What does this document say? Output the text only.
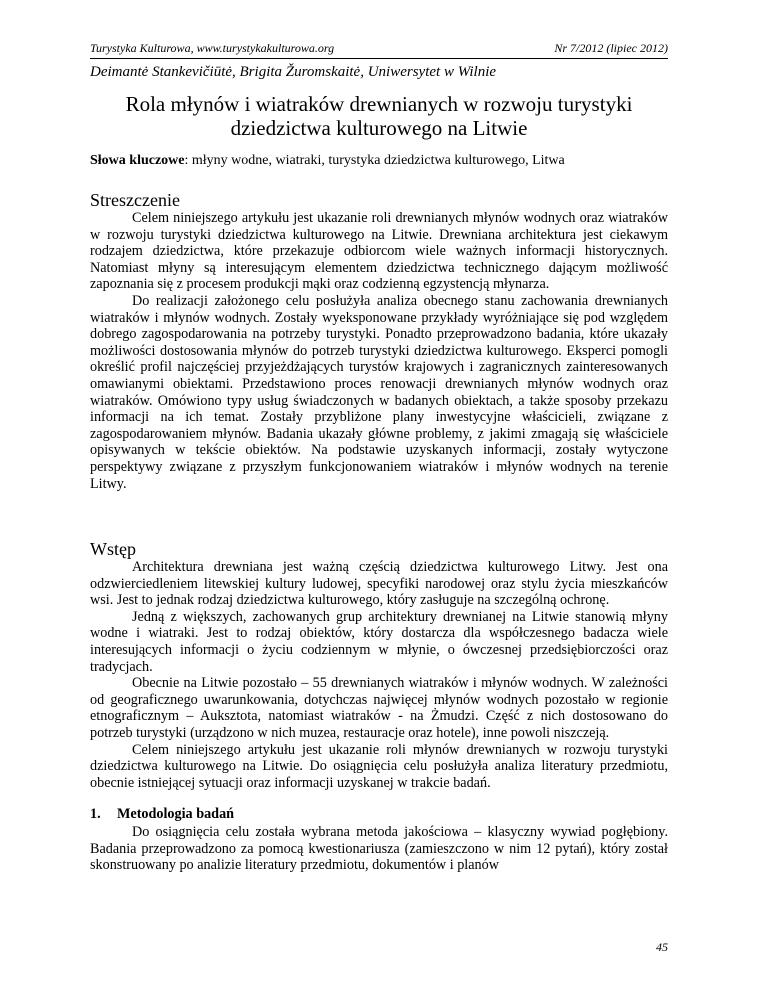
Turystyka Kulturowa, www.turystykakulturowa.org	Nr 7/2012 (lipiec 2012)
Deimantė Stankevičiūtė, Brigita Žuromskaitė, Uniwersytet w Wilnie
Rola młynów i wiatraków drewnianych w rozwoju turystyki
dziedzictwa kulturowego na Litwie
Słowa kluczowe: młyny wodne, wiatraki, turystyka dziedzictwa kulturowego, Litwa
Streszczenie

Celem niniejszego artykułu jest ukazanie roli drewnianych młynów wodnych oraz wiatraków w rozwoju turystyki dziedzictwa kulturowego na Litwie. Drewniana architektura jest ciekawym rodzajem dziedzictwa, które przekazuje odbiorcom wiele ważnych informacji historycznych. Natomiast młyny są interesującym elementem dziedzictwa technicznego dającym możliwość zapoznania się z procesem produkcji mąki oraz codzienną egzystencją młynarza.

Do realizacji założonego celu posłużyła analiza obecnego stanu zachowania drewnianych wiatraków i młynów wodnych. Zostały wyeksponowane przykłady wyróżniające się pod względem dobrego zagospodarowania na potrzeby turystyki. Ponadto przeprowadzono badania, które ukazały możliwości dostosowania młynów do potrzeb turystyki dziedzictwa kulturowego. Eksperci pomogli określić profil najczęściej przyjeżdżających turystów krajowych i zagranicznych zainteresowanych omawianymi obiektami. Przedstawiono proces renowacji drewnianych młynów wodnych oraz wiatraków. Omówiono typy usług świadczonych w badanych obiektach, a także sposoby przekazu informacji na ich temat. Zostały przybliżone plany inwestycyjne właścicieli, związane z zagospodarowaniem młynów. Badania ukazały główne problemy, z jakimi zmagają się właściciele opisywanych w tekście obiektów. Na podstawie uzyskanych informacji, zostały wytyczone perspektywy związane z przyszłym funkcjonowaniem wiatraków i młynów wodnych na terenie Litwy.

Wstęp

Architektura drewniana jest ważną częścią dziedzictwa kulturowego Litwy. Jest ona odzwierciedleniem litewskiej kultury ludowej, specyfiki narodowej oraz stylu życia mieszkańców wsi. Jest to jednak rodzaj dziedzictwa kulturowego, który zasługuje na szczególną ochronę.

Jedną z większych, zachowanych grup architektury drewnianej na Litwie stanowią młyny wodne i wiatraki. Jest to rodzaj obiektów, który dostarcza dla współczesnego badacza wiele interesujących informacji o życiu codziennym w młynie, o ówczesnej przedsiębiorczości oraz tradycjach.

Obecnie na Litwie pozostało – 55 drewnianych wiatraków i młynów wodnych. W zależności od geograficznego uwarunkowania, dotychczas najwięcej młynów wodnych pozostało w regionie etnograficznym – Auksztota, natomiast wiatraków - na Żmudzi. Część z nich dostosowano do potrzeb turystyki (urządzono w nich muzea, restauracje oraz hotele), inne powoli niszczeją.

Celem niniejszego artykułu jest ukazanie roli młynów drewnianych w rozwoju turystyki dziedzictwa kulturowego na Litwie. Do osiągnięcia celu posłużyła analiza literatury przedmiotu, obecnie istniejącej sytuacji oraz informacji uzyskanej w trakcie badań.

1. Metodologia badań

Do osiągnięcia celu została wybrana metoda jakościowa – klasyczny wywiad pogłębiony. Badania przeprowadzono za pomocą kwestionariusza (zamieszczono w nim 12 pytań), który został skonstruowany po analizie literatury przedmiotu, dokumentów i planów

45
